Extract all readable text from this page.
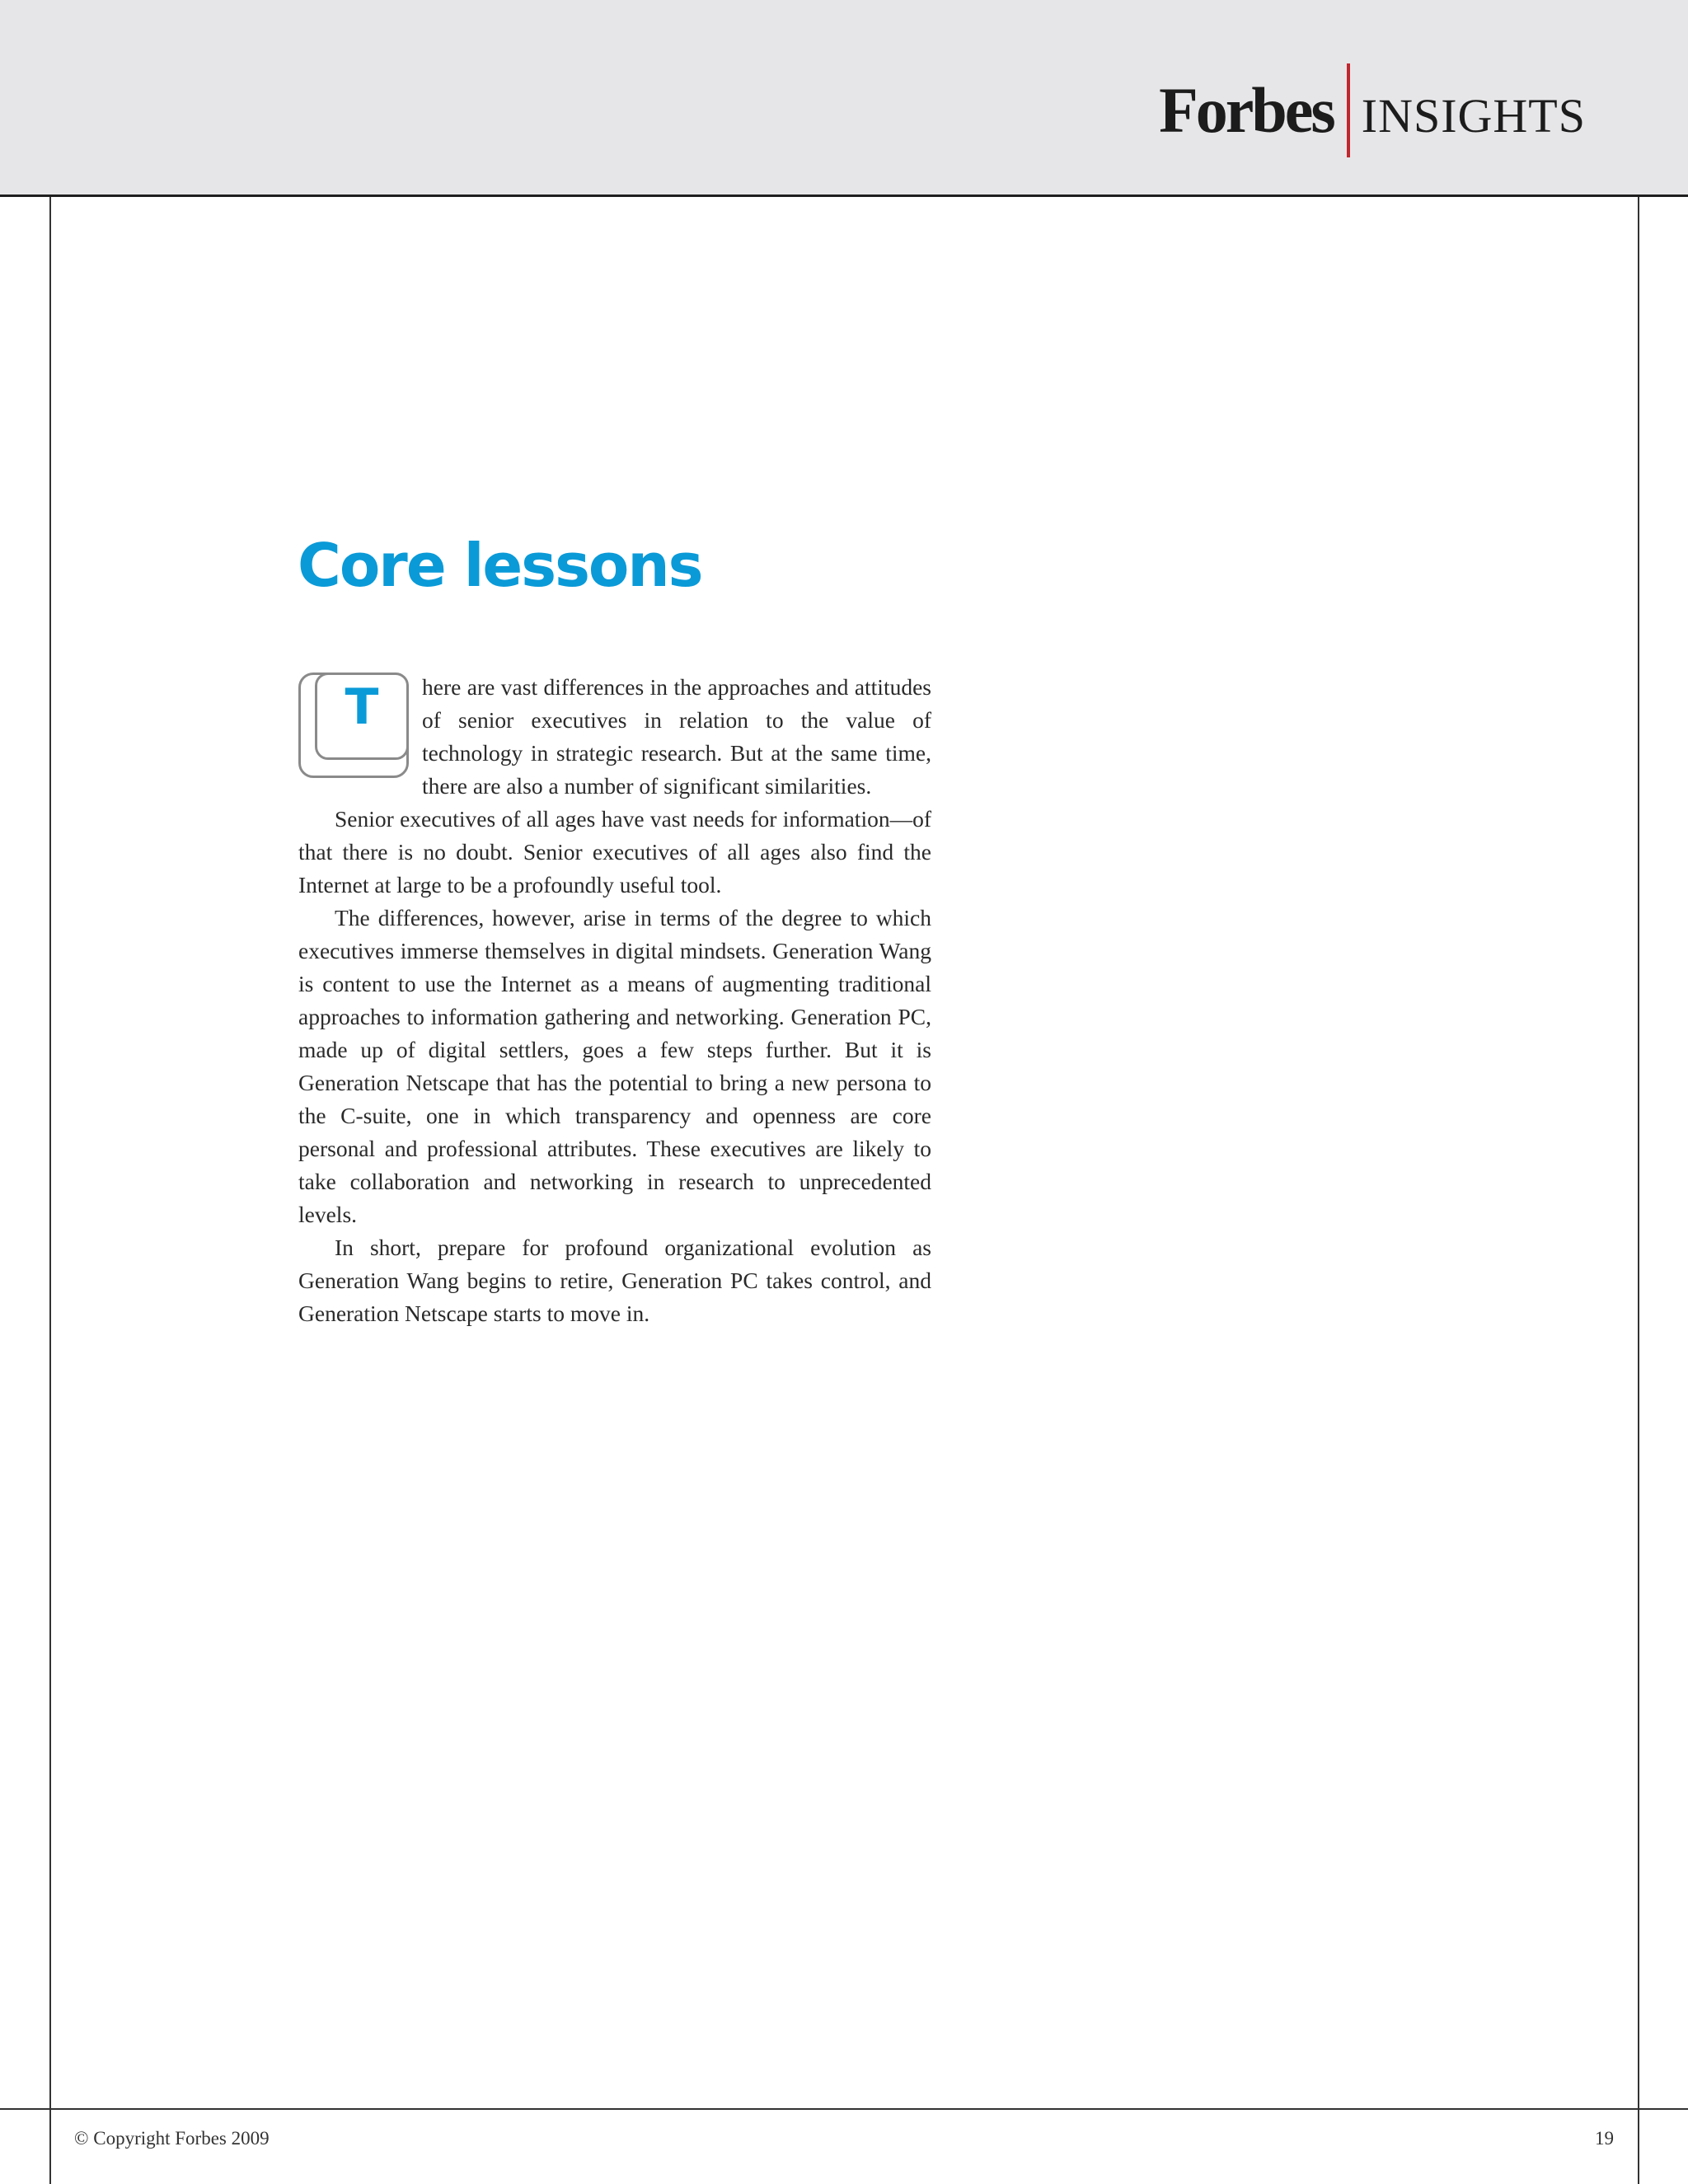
Forbes INSIGHTS
Core lessons
T	here are vast differences in the approaches and attitudes of senior executives in relation to the value of technology in strategic research. But at the same time, there are also a number of significant similarities.

Senior executives of all ages have vast needs for information—of that there is no doubt. Senior executives of all ages also find the Internet at large to be a profoundly useful tool.

The differences, however, arise in terms of the degree to which executives immerse themselves in digital mindsets. Generation Wang is content to use the Internet as a means of augmenting traditional approaches to information gathering and networking. Generation PC, made up of digital settlers, goes a few steps further. But it is Generation Netscape that has the potential to bring a new persona to the C-suite, one in which transparency and openness are core personal and professional attributes. These executives are likely to take collaboration and networking in research to unprecedented levels.

In short, prepare for profound organizational evolution as Generation Wang begins to retire, Generation PC takes control, and Generation Netscape starts to move in.

© Copyright Forbes 2009	19
